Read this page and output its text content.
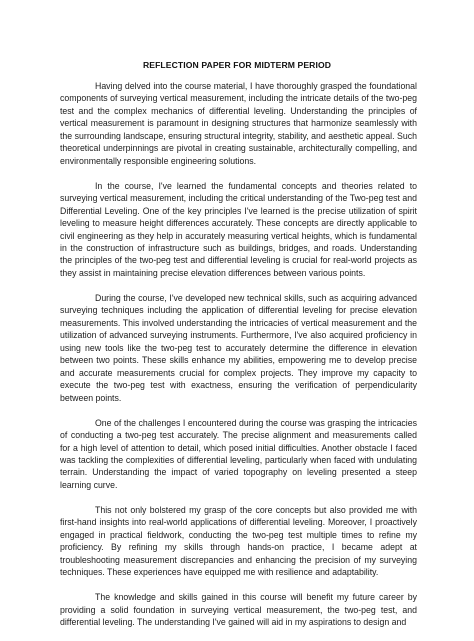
REFLECTION PAPER FOR MIDTERM PERIOD

Having delved into the course material, I have thoroughly grasped the foundational components of surveying vertical measurement, including the intricate details of the two-peg test and the complex mechanics of differential leveling. Understanding the principles of vertical measurement is paramount in designing structures that harmonize seamlessly with the surrounding landscape, ensuring structural integrity, stability, and aesthetic appeal. Such theoretical underpinnings are pivotal in creating sustainable, architecturally compelling, and environmentally responsible engineering solutions.

In the course, I've learned the fundamental concepts and theories related to surveying vertical measurement, including the critical understanding of the Two-peg test and Differential Leveling. One of the key principles I've learned is the precise utilization of spirit leveling to measure height differences accurately. These concepts are directly applicable to civil engineering as they help in accurately measuring vertical heights, which is fundamental in the construction of infrastructure such as buildings, bridges, and roads. Understanding the principles of the two-peg test and differential leveling is crucial for real-world projects as they assist in maintaining precise elevation differences between various points.

During the course, I've developed new technical skills, such as acquiring advanced surveying techniques including the application of differential leveling for precise elevation measurements. This involved understanding the intricacies of vertical measurement and the utilization of advanced surveying instruments. Furthermore, I've also acquired proficiency in using new tools like the two-peg test to accurately determine the difference in elevation between two points. These skills enhance my abilities, empowering me to develop precise and accurate measurements crucial for complex projects. They improve my capacity to execute the two-peg test with exactness, ensuring the verification of perpendicularity between points.

One of the challenges I encountered during the course was grasping the intricacies of conducting a two-peg test accurately. The precise alignment and measurements called for a high level of attention to detail, which posed initial difficulties. Another obstacle I faced was tackling the complexities of differential leveling, particularly when faced with undulating terrain. Understanding the impact of varied topography on leveling presented a steep learning curve.

This not only bolstered my grasp of the core concepts but also provided me with first-hand insights into real-world applications of differential leveling. Moreover, I proactively engaged in practical fieldwork, conducting the two-peg test multiple times to refine my proficiency. By refining my skills through hands-on practice, I became adept at troubleshooting measurement discrepancies and enhancing the precision of my surveying techniques. These experiences have equipped me with resilience and adaptability.

The knowledge and skills gained in this course will benefit my future career by providing a solid foundation in surveying vertical measurement, the two-peg test, and differential leveling. The understanding I've gained will aid in my aspirations to design and
